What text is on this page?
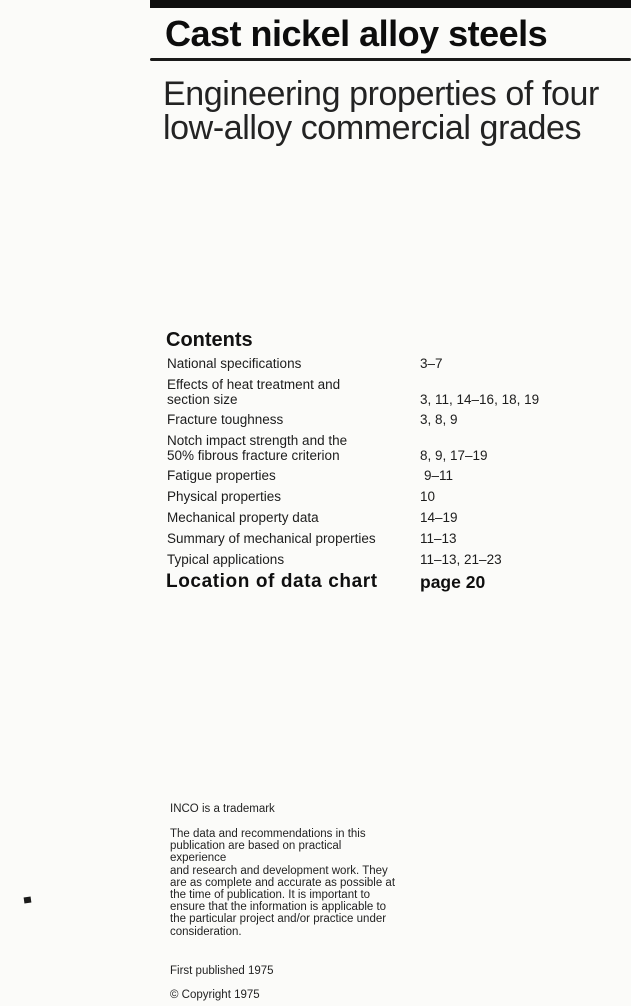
Cast nickel alloy steels
Engineering properties of four
low-alloy commercial grades
Contents
National specifications	3–7
Effects of heat treatment and
section size	3, 11, 14–16, 18, 19
Fracture toughness	3, 8, 9
Notch impact strength and the
50% fibrous fracture criterion	8, 9, 17–19
Fatigue properties	9–11
Physical properties	10
Mechanical property data	14–19
Summary of mechanical properties	11–13
Typical applications	11–13, 21–23
Location of data chart	page 20
INCO is a trademark
The data and recommendations in this
publication are based on practical experience
and research and development work. They
are as complete and accurate as possible at
the time of publication. It is important to
ensure that the information is applicable to
the particular project and/or practice under
consideration.
First published 1975
© Copyright 1975
